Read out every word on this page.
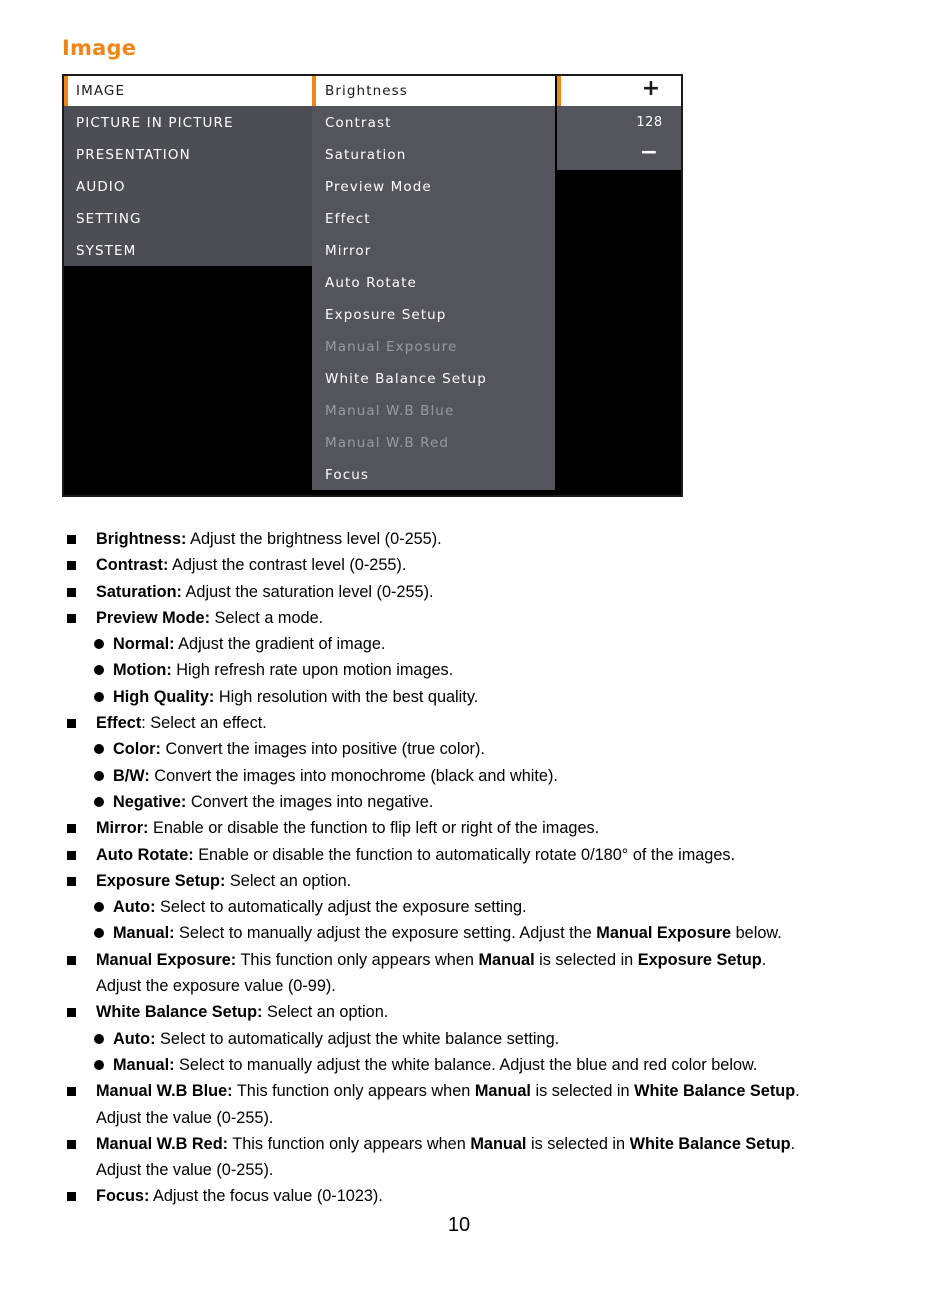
Image
IMAGE
PICTURE IN PICTURE
PRESENTATION
AUDIO
SETTING
SYSTEM
Brightness
Contrast
Saturation
Preview Mode
Effect
Mirror
Auto Rotate
Exposure Setup
Manual Exposure
White Balance Setup
Manual W.B Blue
Manual W.B Red
Focus
+
128
−
Brightness: Adjust the brightness level (0-255).
Contrast: Adjust the contrast level (0-255).
Saturation: Adjust the saturation level (0-255).
Preview Mode: Select a mode.
Normal: Adjust the gradient of image.
Motion: High refresh rate upon motion images.
High Quality: High resolution with the best quality.
Effect: Select an effect.
Color: Convert the images into positive (true color).
B/W: Convert the images into monochrome (black and white).
Negative: Convert the images into negative.
Mirror: Enable or disable the function to flip left or right of the images.
Auto Rotate: Enable or disable the function to automatically rotate 0/180° of the images.
Exposure Setup: Select an option.
Auto: Select to automatically adjust the exposure setting.
Manual: Select to manually adjust the exposure setting. Adjust the Manual Exposure below.
Manual Exposure: This function only appears when Manual is selected in Exposure Setup.
Adjust the exposure value (0-99).
White Balance Setup: Select an option.
Auto: Select to automatically adjust the white balance setting.
Manual: Select to manually adjust the white balance. Adjust the blue and red color below.
Manual W.B Blue: This function only appears when Manual is selected in White Balance Setup.
Adjust the value (0-255).
Manual W.B Red: This function only appears when Manual is selected in White Balance Setup.
Adjust the value (0-255).
Focus: Adjust the focus value (0-1023).
10
